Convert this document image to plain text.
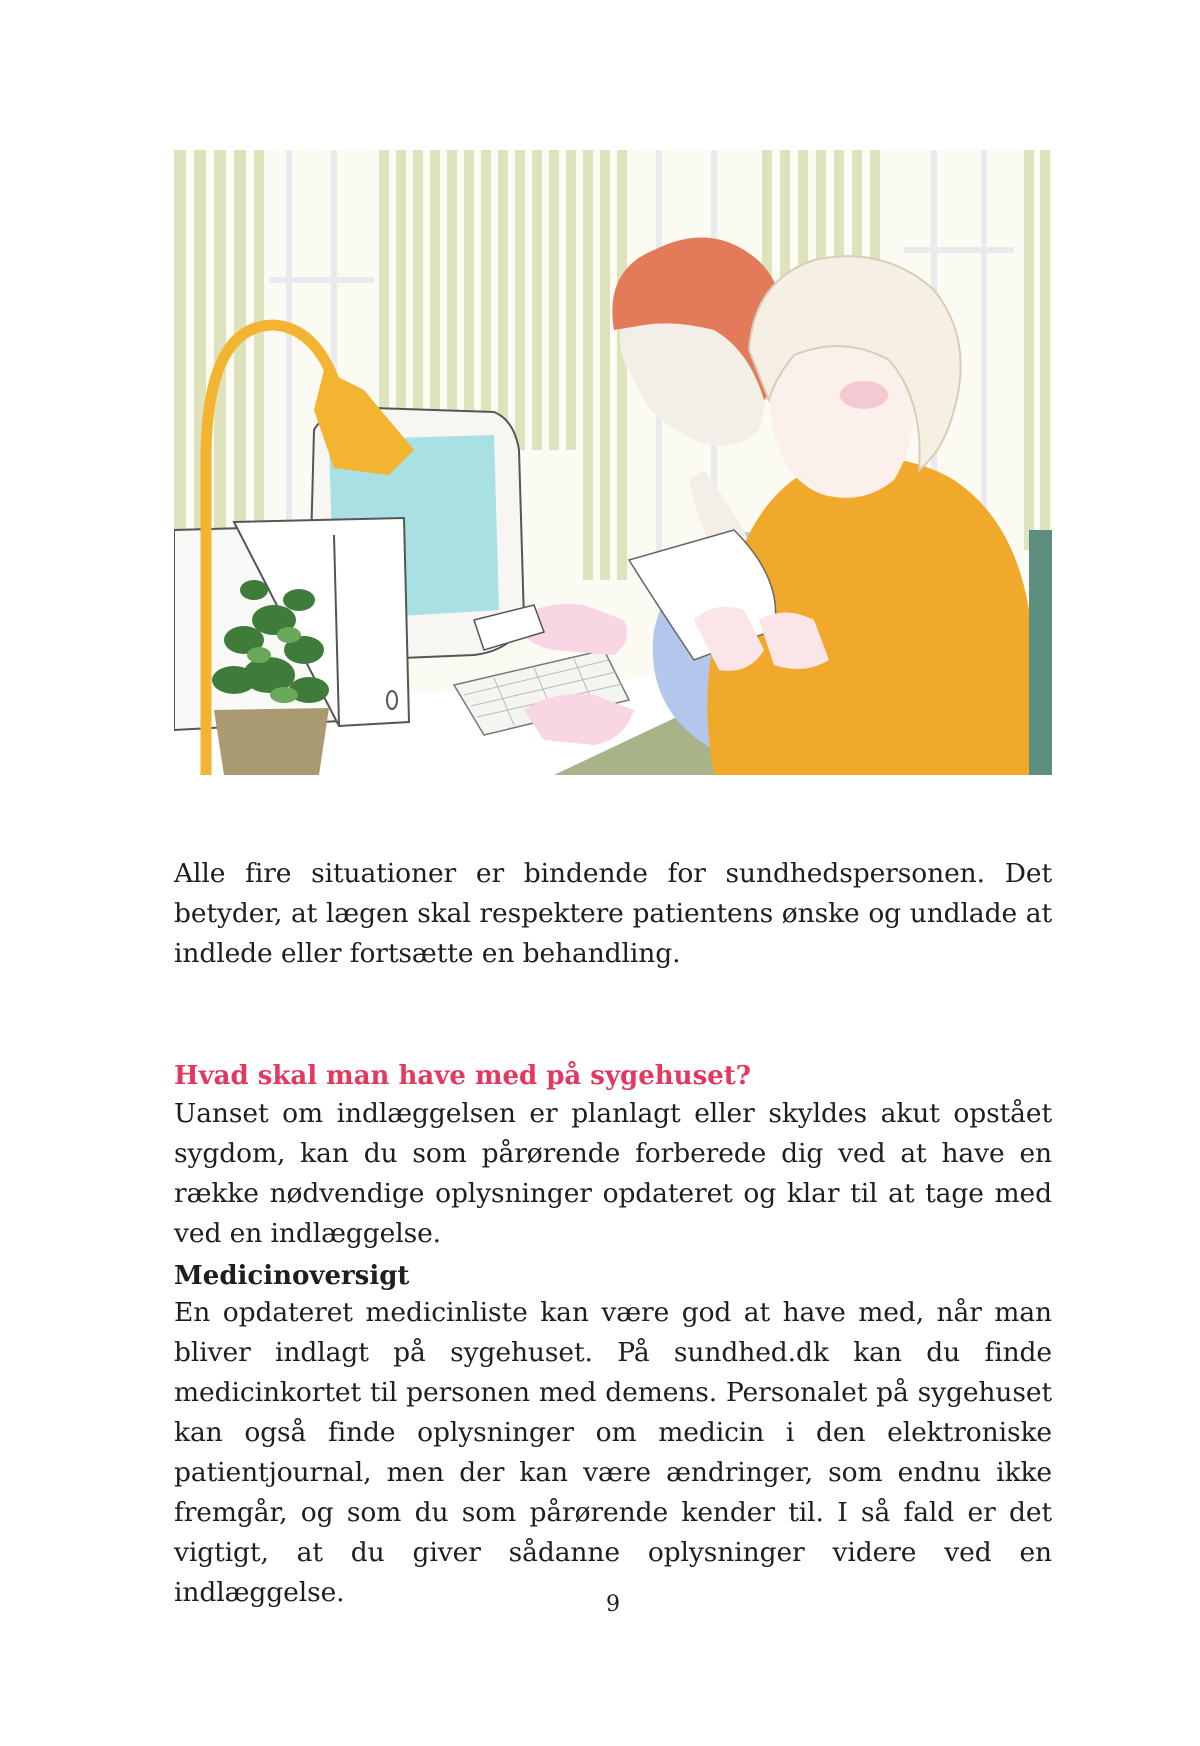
Alle fire situationer er bindende for sundhedspersonen. Det betyder, at lægen skal respektere patientens ønske og undlade at indlede eller fortsætte en behandling.

Hvad skal man have med på sygehuset?

Uanset om indlæggelsen er planlagt eller skyldes akut opstået sygdom, kan du som pårørende forberede dig ved at have en række nødvendige oplysninger opdateret og klar til at tage med ved en indlæggelse.

Medicinoversigt

En opdateret medicinliste kan være god at have med, når man bliver indlagt på sygehuset. På sundhed.dk kan du finde medicinkortet til personen med demens. Personalet på sygehuset kan også finde oplysninger om medicin i den elektroniske patientjournal, men der kan være ændringer, som endnu ikke fremgår, og som du som pårørende kender til. I så fald er det vigtigt, at du giver sådanne oplysninger videre ved en indlæggelse.	9
